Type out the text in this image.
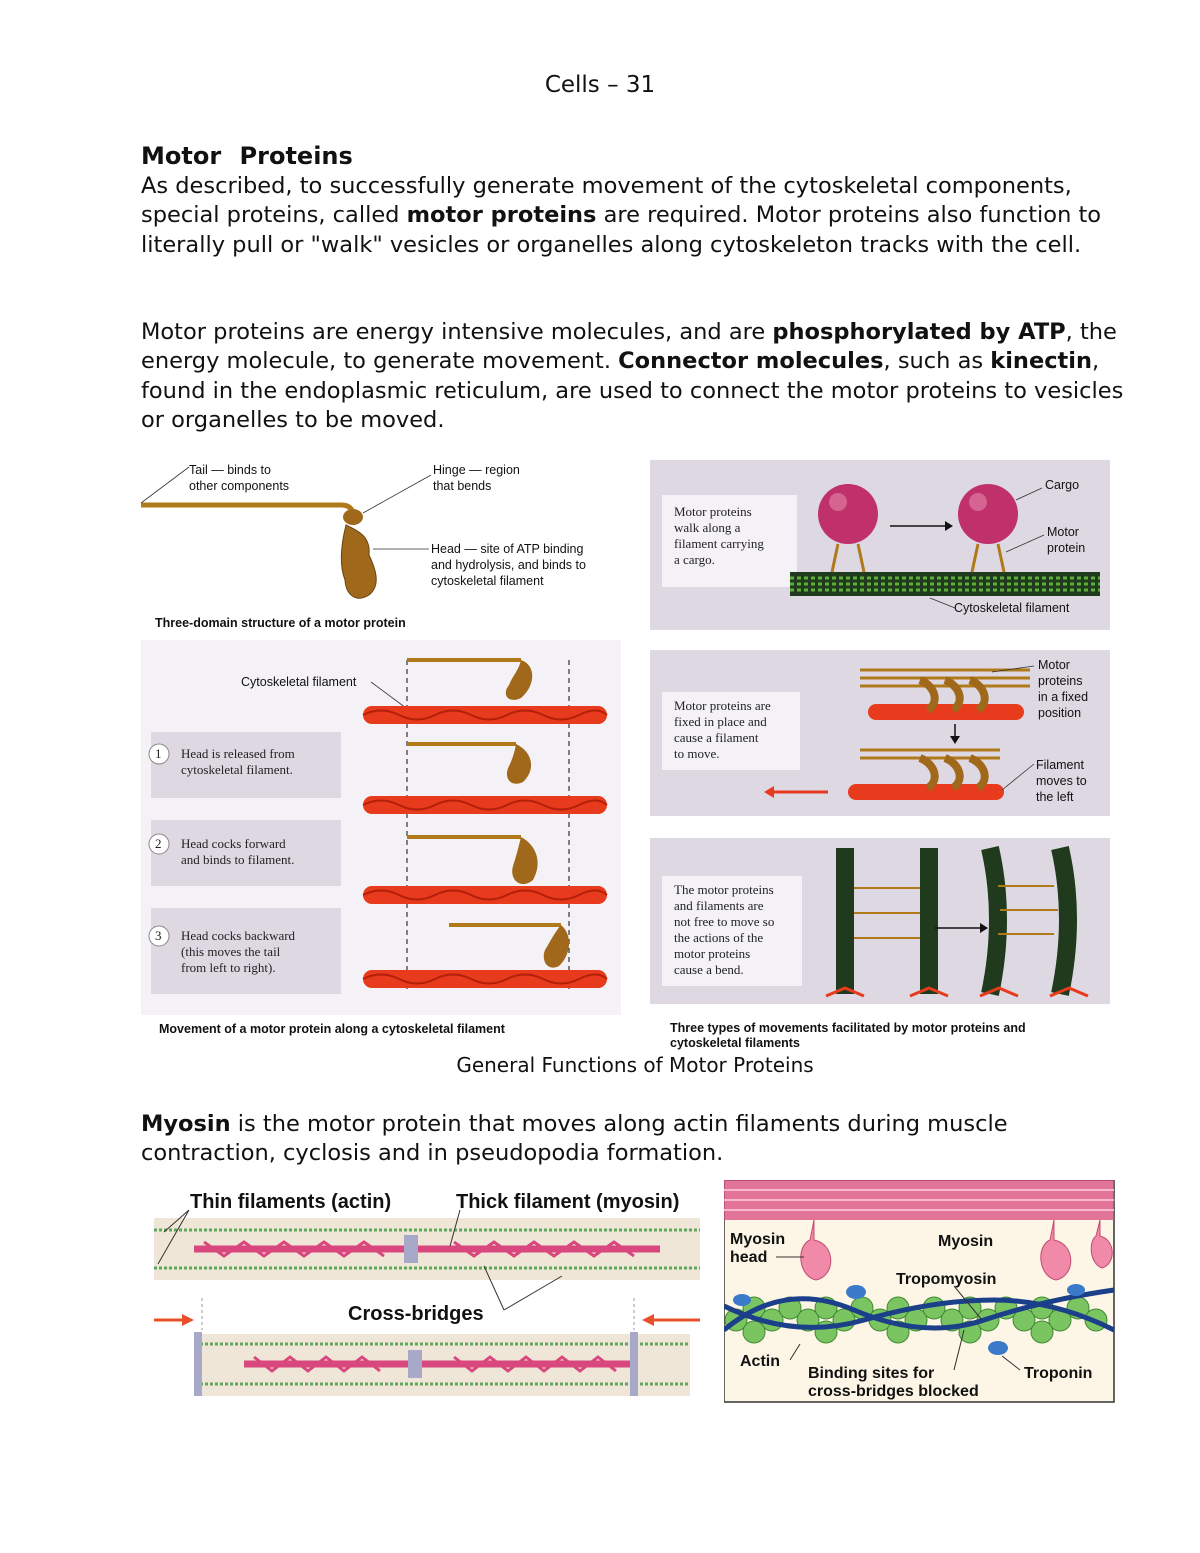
Cells – 31
Motor Proteins

As described, to successfully generate movement of the cytoskeletal components, special proteins, called motor proteins are required. Motor proteins also function to literally pull or "walk" vesicles or organelles along cytoskeleton tracks with the cell.

Motor proteins are energy intensive molecules, and are phosphorylated by ATP, the energy molecule, to generate movement. Connector molecules, such as kinectin, found in the endoplasmic reticulum, are used to connect the motor proteins to vesicles or organelles to be moved.

Tail — binds to
other components
Hinge — region
that bends
Head — site of ATP binding
and hydrolysis, and binds to
cytoskeletal filament
Three-domain structure of a motor protein
Cytoskeletal filament
1 Head is released from
cytoskeletal filament.
2 Head cocks forward
and binds to filament.
3 Head cocks backward
(this moves the tail
from left to right).
Movement of a motor protein along a cytoskeletal filament
Motor proteins
walk along a
filament carrying
a cargo.
Cargo
Motor
protein
Cytoskeletal filament
Motor proteins are
fixed in place and
cause a filament
to move.
Motor
proteins
in a fixed
position
Filament
moves to
the left
The motor proteins
and filaments are
not free to move so
the actions of the
motor proteins
cause a bend.
Three types of movements facilitated by motor proteins and
cytoskeletal filaments
General Functions of Motor Proteins

Myosin is the motor protein that moves along actin filaments during muscle contraction, cyclosis and in pseudopodia formation.

Thin filaments (actin)	Thick filament (myosin)
Cross-bridges
Myosin
head
Myosin
Tropomyosin
Actin
Binding sites for
cross-bridges blocked
Troponin
